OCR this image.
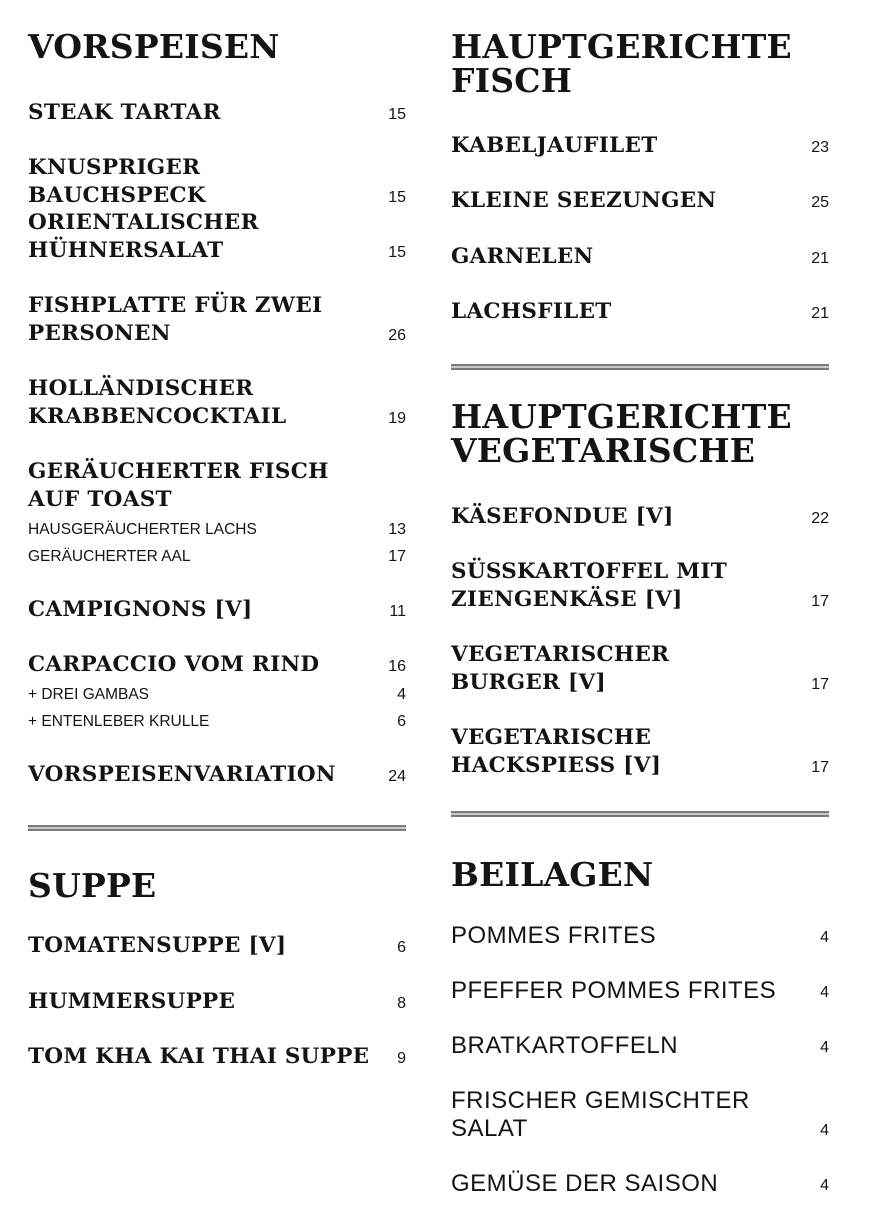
VORSPEISEN
STEAK TARTAR	15
KNUSPRIGER BAUCHSPECK	15
ORIENTALISCHER
HÜHNERSALAT	15
FISHPLATTE FÜR ZWEI
PERSONEN	26
HOLLÄNDISCHER
KRABBENCOCKTAIL	19
GERÄUCHERTER FISCH
AUF TOAST
HAUSGERÄUCHERTER LACHS	13
GERÄUCHERTER AAL	17
CAMPIGNONS [V]	11
CARPACCIO VOM RIND	16
+ DREI GAMBAS	4
+ ENTENLEBER KRULLE	6
VORSPEISENVARIATION	24
SUPPE
TOMATENSUPPE [V]	6
HUMMERSUPPE	8
TOM KHA KAI THAI SUPPE 9
HAUPTGERICHTE
FISCH
KABELJAUFILET	23
KLEINE SEEZUNGEN	25
GARNELEN	21
LACHSFILET	21
HAUPTGERICHTE
VEGETARISCHE
KÄSEFONDUE [V]	22
SÜSSKARTOFFEL MIT
ZIENGENKÄSE [V]	17
VEGETARISCHER
BURGER [V]	17
VEGETARISCHE
HACKSPIESS [V]	17
BEILAGEN
POMMES FRITES	4
PFEFFER POMMES FRITES	4
BRATKARTOFFELN	4
FRISCHER GEMISCHTER
SALAT	4
GEMÜSE DER SAISON	4
